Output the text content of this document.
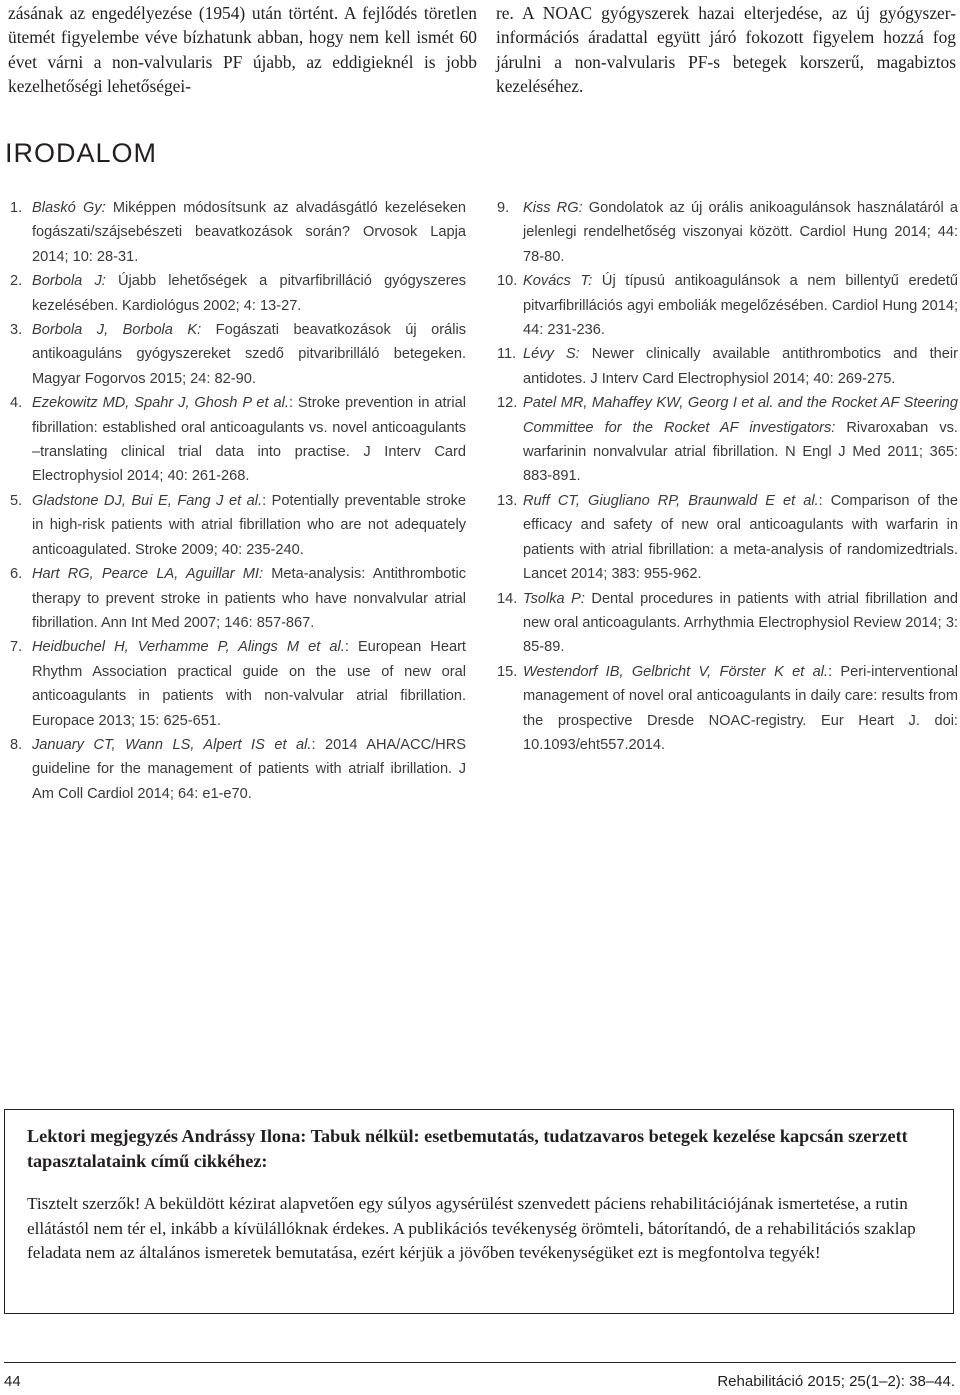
zásának az engedélyezése (1954) után történt. A fejlődés töretlen ütemét figyelembe véve bízhatunk abban, hogy nem kell ismét 60 évet várni a non-valvularis PF újabb, az eddigieknél is jobb kezelhetőségi lehetőségei-

re. A NOAC gyógyszerek hazai elterjedése, az új gyógyszer-információs áradattal együtt járó fokozott figyelem hozzá fog járulni a non-valvularis PF-s betegek korszerű, magabiztos kezeléséhez.

IRODALOM
1. Blaskó Gy: Miképpen módosítsunk az alvadásgátló kezeléseken fogászati/szájsebészeti beavatkozások során? Orvosok Lapja 2014; 10: 28-31.
2. Borbola J: Újabb lehetőségek a pitvarfibrilláció gyógyszeres kezelésében. Kardiológus 2002; 4: 13-27.
3. Borbola J, Borbola K: Fogászati beavatkozások új orális antikoaguláns gyógyszereket szedő pitvaribrilláló betegeken. Magyar Fogorvos 2015; 24: 82-90.
4. Ezekowitz MD, Spahr J, Ghosh P et al.: Stroke prevention in atrial fibrillation: established oral anticoagulants vs. novel anticoagulants –translating clinical trial data into practise. J Interv Card Electrophysiol 2014; 40: 261-268.
5. Gladstone DJ, Bui E, Fang J et al.: Potentially preventable stroke in high-risk patients with atrial fibrillation who are not adequately anticoagulated. Stroke 2009; 40: 235-240.
6. Hart RG, Pearce LA, Aguillar MI: Meta-analysis: Antithrombotic therapy to prevent stroke in patients who have nonvalvular atrial fibrillation. Ann Int Med 2007; 146: 857-867.
7. Heidbuchel H, Verhamme P, Alings M et al.: European Heart Rhythm Association practical guide on the use of new oral anticoagulants in patients with non-valvular atrial fibrillation. Europace 2013; 15: 625-651.
8. January CT, Wann LS, Alpert IS et al.: 2014 AHA/ACC/HRS guideline for the management of patients with atrialf ibrillation. J Am Coll Cardiol 2014; 64: e1-e70.
9. Kiss RG: Gondolatok az új orális anikoagulánsok használatáról a jelenlegi rendelhetőség viszonyai között. Cardiol Hung 2014; 44: 78-80.
10. Kovács T: Új típusú antikoagulánsok a nem billentyű eredetű pitvarfibrillációs agyi emboliák megelőzésében. Cardiol Hung 2014; 44: 231-236.
11. Lévy S: Newer clinically available antithrombotics and their antidotes. J Interv Card Electrophysiol 2014; 40: 269-275.
12. Patel MR, Mahaffey KW, Georg I et al. and the Rocket AF Steering Committee for the Rocket AF investigators: Rivaroxaban vs. warfarinin nonvalvular atrial fibrillation. N Engl J Med 2011; 365: 883-891.
13. Ruff CT, Giugliano RP, Braunwald E et al.: Comparison of the efficacy and safety of new oral anticoagulants with warfarin in patients with atrial fibrillation: a meta-analysis of randomizedtrials. Lancet 2014; 383: 955-962.
14. Tsolka P: Dental procedures in patients with atrial fibrillation and new oral anticoagulants. Arrhythmia Electrophysiol Review 2014; 3: 85-89.
15. Westendorf IB, Gelbricht V, Förster K et al.: Peri-interventional management of novel oral anticoagulants in daily care: results from the prospective Dresde NOAC-registry. Eur Heart J. doi: 10.1093/eht557.2014.

Lektori megjegyzés Andrássy Ilona: Tabuk nélkül: esetbemutatás, tudatzavaros betegek kezelése kapcsán szerzett tapasztalataink című cikkéhez:

Tisztelt szerzők! A beküldött kézirat alapvetően egy súlyos agysérülést szenvedett páciens rehabilitációjának ismertetése, a rutin ellátástól nem tér el, inkább a kívülállóknak érdekes. A publikációs tevékenység örömteli, bátorítandó, de a rehabilitációs szaklap feladata nem az általános ismeretek bemutatása, ezért kérjük a jövőben tevékenységüket ezt is megfontolva tegyék!

44	Rehabilitáció 2015; 25(1–2): 38–44.
